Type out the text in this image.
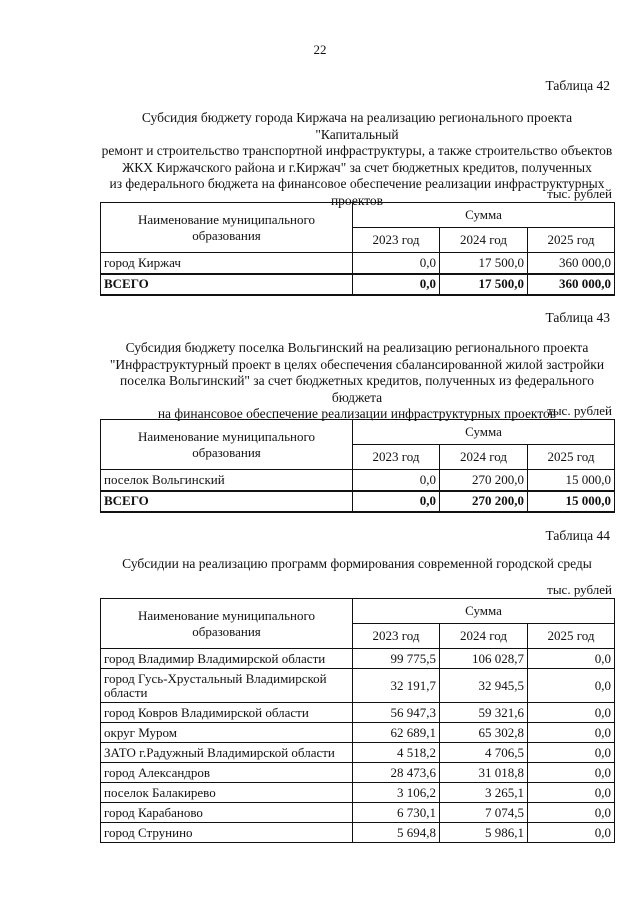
22
Таблица 42
Субсидия бюджету города Киржача на реализацию регионального проекта "Капитальный
ремонт и строительство транспортной инфраструктуры, а также строительство объектов
ЖКХ Киржачского района и г.Киржач" за счет бюджетных кредитов, полученных
из федерального бюджета на финансовое обеспечение реализации инфраструктурных
проектов	тыс. рублей
Наименование муниципального образования	Сумма		
	2023 год	2024 год	2025 год
город Киржач	0,0	17 500,0	360 000,0
ВСЕГО	0,0	17 500,0	360 000,0
Таблица 43
Субсидия бюджету поселка Вольгинский на реализацию регионального проекта
"Инфраструктурный проект в целях обеспечения сбалансированной жилой застройки
поселка Вольгинский" за счет бюджетных кредитов, полученных из федерального бюджета
на финансовое обеспечение реализации инфраструктурных проектов
тыс. рублей
Наименование муниципального образования	Сумма		
	2023 год	2024 год	2025 год
поселок Вольгинский	0,0	270 200,0	15 000,0
ВСЕГО	0,0	270 200,0	15 000,0
Таблица 44
Субсидии на реализацию программ формирования современной городской среды
тыс. рублей
Наименование муниципального образования	Сумма		
	2023 год	2024 год	2025 год
город Владимир Владимирской области	99 775,5	106 028,7	0,0
город Гусь-Хрустальный Владимирской области	32 191,7	32 945,5	0,0
город Ковров Владимирской области	56 947,3	59 321,6	0,0
округ Муром	62 689,1	65 302,8	0,0
ЗАТО г.Радужный Владимирской области	4 518,2	4 706,5	0,0
город Александров	28 473,6	31 018,8	0,0
поселок Балакирево	3 106,2	3 265,1	0,0
город Карабаново	6 730,1	7 074,5	0,0
город Струнино	5 694,8	5 986,1	0,0
